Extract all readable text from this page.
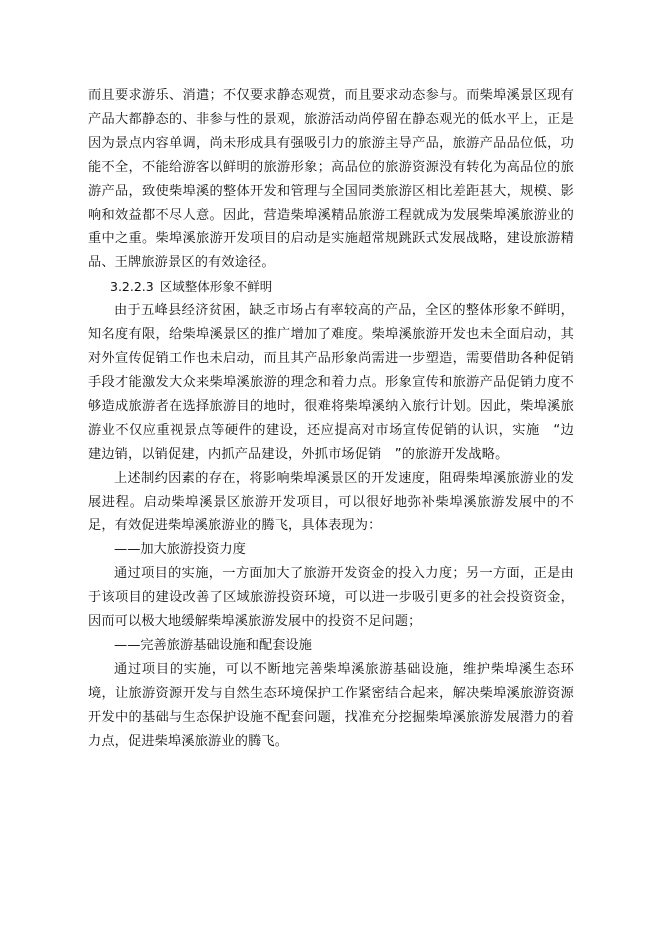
而且要求游乐、消遣；不仅要求静态观赏，而且要求动态参与。而柴埠溪景区现有产品大都静态的、非参与性的景观，旅游活动尚停留在静态观光的低水平上，正是因为景点内容单调，尚未形成具有强吸引力的旅游主导产品，旅游产品品位低，功能不全，不能给游客以鲜明的旅游形象；高品位的旅游资源没有转化为高品位的旅游产品，致使柴埠溪的整体开发和管理与全国同类旅游区相比差距甚大，规模、影响和效益都不尽人意。因此，营造柴埠溪精品旅游工程就成为发展柴埠溪旅游业的重中之重。柴埠溪旅游开发项目的启动是实施超常规跳跃式发展战略，建设旅游精品、王牌旅游景区的有效途径。

3.2.2.3 区域整体形象不鲜明

由于五峰县经济贫困，缺乏市场占有率较高的产品，全区的整体形象不鲜明，知名度有限，给柴埠溪景区的推广增加了难度。柴埠溪旅游开发也未全面启动，其对外宣传促销工作也未启动，而且其产品形象尚需进一步塑造，需要借助各种促销手段才能激发大众来柴埠溪旅游的理念和着力点。形象宣传和旅游产品促销力度不够造成旅游者在选择旅游目的地时，很难将柴埠溪纳入旅行计划。因此，柴埠溪旅游业不仅应重视景点等硬件的建设，还应提高对市场宣传促销的认识，实施　“边建边销，以销促建，内抓产品建设，外抓市场促销　”的旅游开发战略。

上述制约因素的存在，将影响柴埠溪景区的开发速度，阻碍柴埠溪旅游业的发展进程。启动柴埠溪景区旅游开发项目，可以很好地弥补柴埠溪旅游发展中的不足，有效促进柴埠溪旅游业的腾飞，具体表现为：

——加大旅游投资力度

通过项目的实施，一方面加大了旅游开发资金的投入力度；另一方面，正是由于该项目的建设改善了区域旅游投资环境，可以进一步吸引更多的社会投资资金，因而可以极大地缓解柴埠溪旅游发展中的投资不足问题；

——完善旅游基础设施和配套设施

通过项目的实施，可以不断地完善柴埠溪旅游基础设施，维护柴埠溪生态环境，让旅游资源开发与自然生态环境保护工作紧密结合起来，解决柴埠溪旅游资源开发中的基础与生态保护设施不配套问题，找准充分挖掘柴埠溪旅游发展潜力的着力点，促进柴埠溪旅游业的腾飞。
